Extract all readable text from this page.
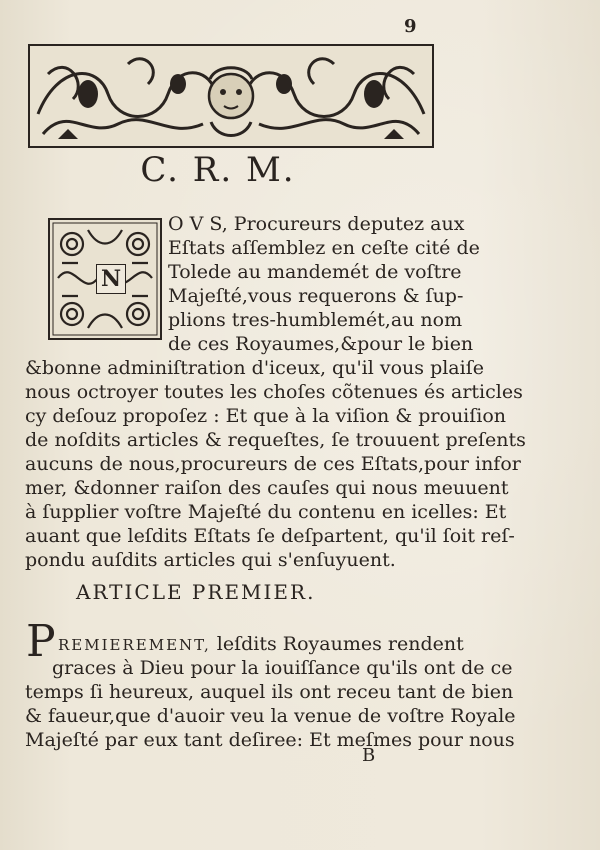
9
C. R. M.
N
O V S, Procureurs deputez aux
Eſtats aſſemblez en ceſte cité de
Tolede au mandemét de voſtre
Majeſté,vous requerons & ſup-
plions tres-humblemét,au nom
de ces Royaumes,&pour le bien
&bonne adminiſtration d'iceux, qu'il vous plaiſe
nous octroyer toutes les choſes cõtenues és articles
cy deſouz propoſez : Et que à la viſion & prouiſion
de noſdits articles & requeſtes, ſe trouuent preſents
aucuns de nous,procureurs de ces Eſtats,pour infor
mer, &donner raiſon des cauſes qui nous meuuent
à ſupplier voſtre Majeſté du contenu en icelles: Et
auant que leſdits Eſtats ſe deſpartent, qu'il ſoit reſ-
pondu auſdits articles qui s'enſuyuent.
ARTICLE PREMIER.
P REMIEREMENT, leſdits Royaumes rendent
graces à Dieu pour la iouiſſance qu'ils ont de ce
temps ſi heureux, auquel ils ont receu tant de bien
& faueur,que d'auoir veu la venue de voſtre Royale
Majeſté par eux tant deſiree: Et meſmes pour nous
B
